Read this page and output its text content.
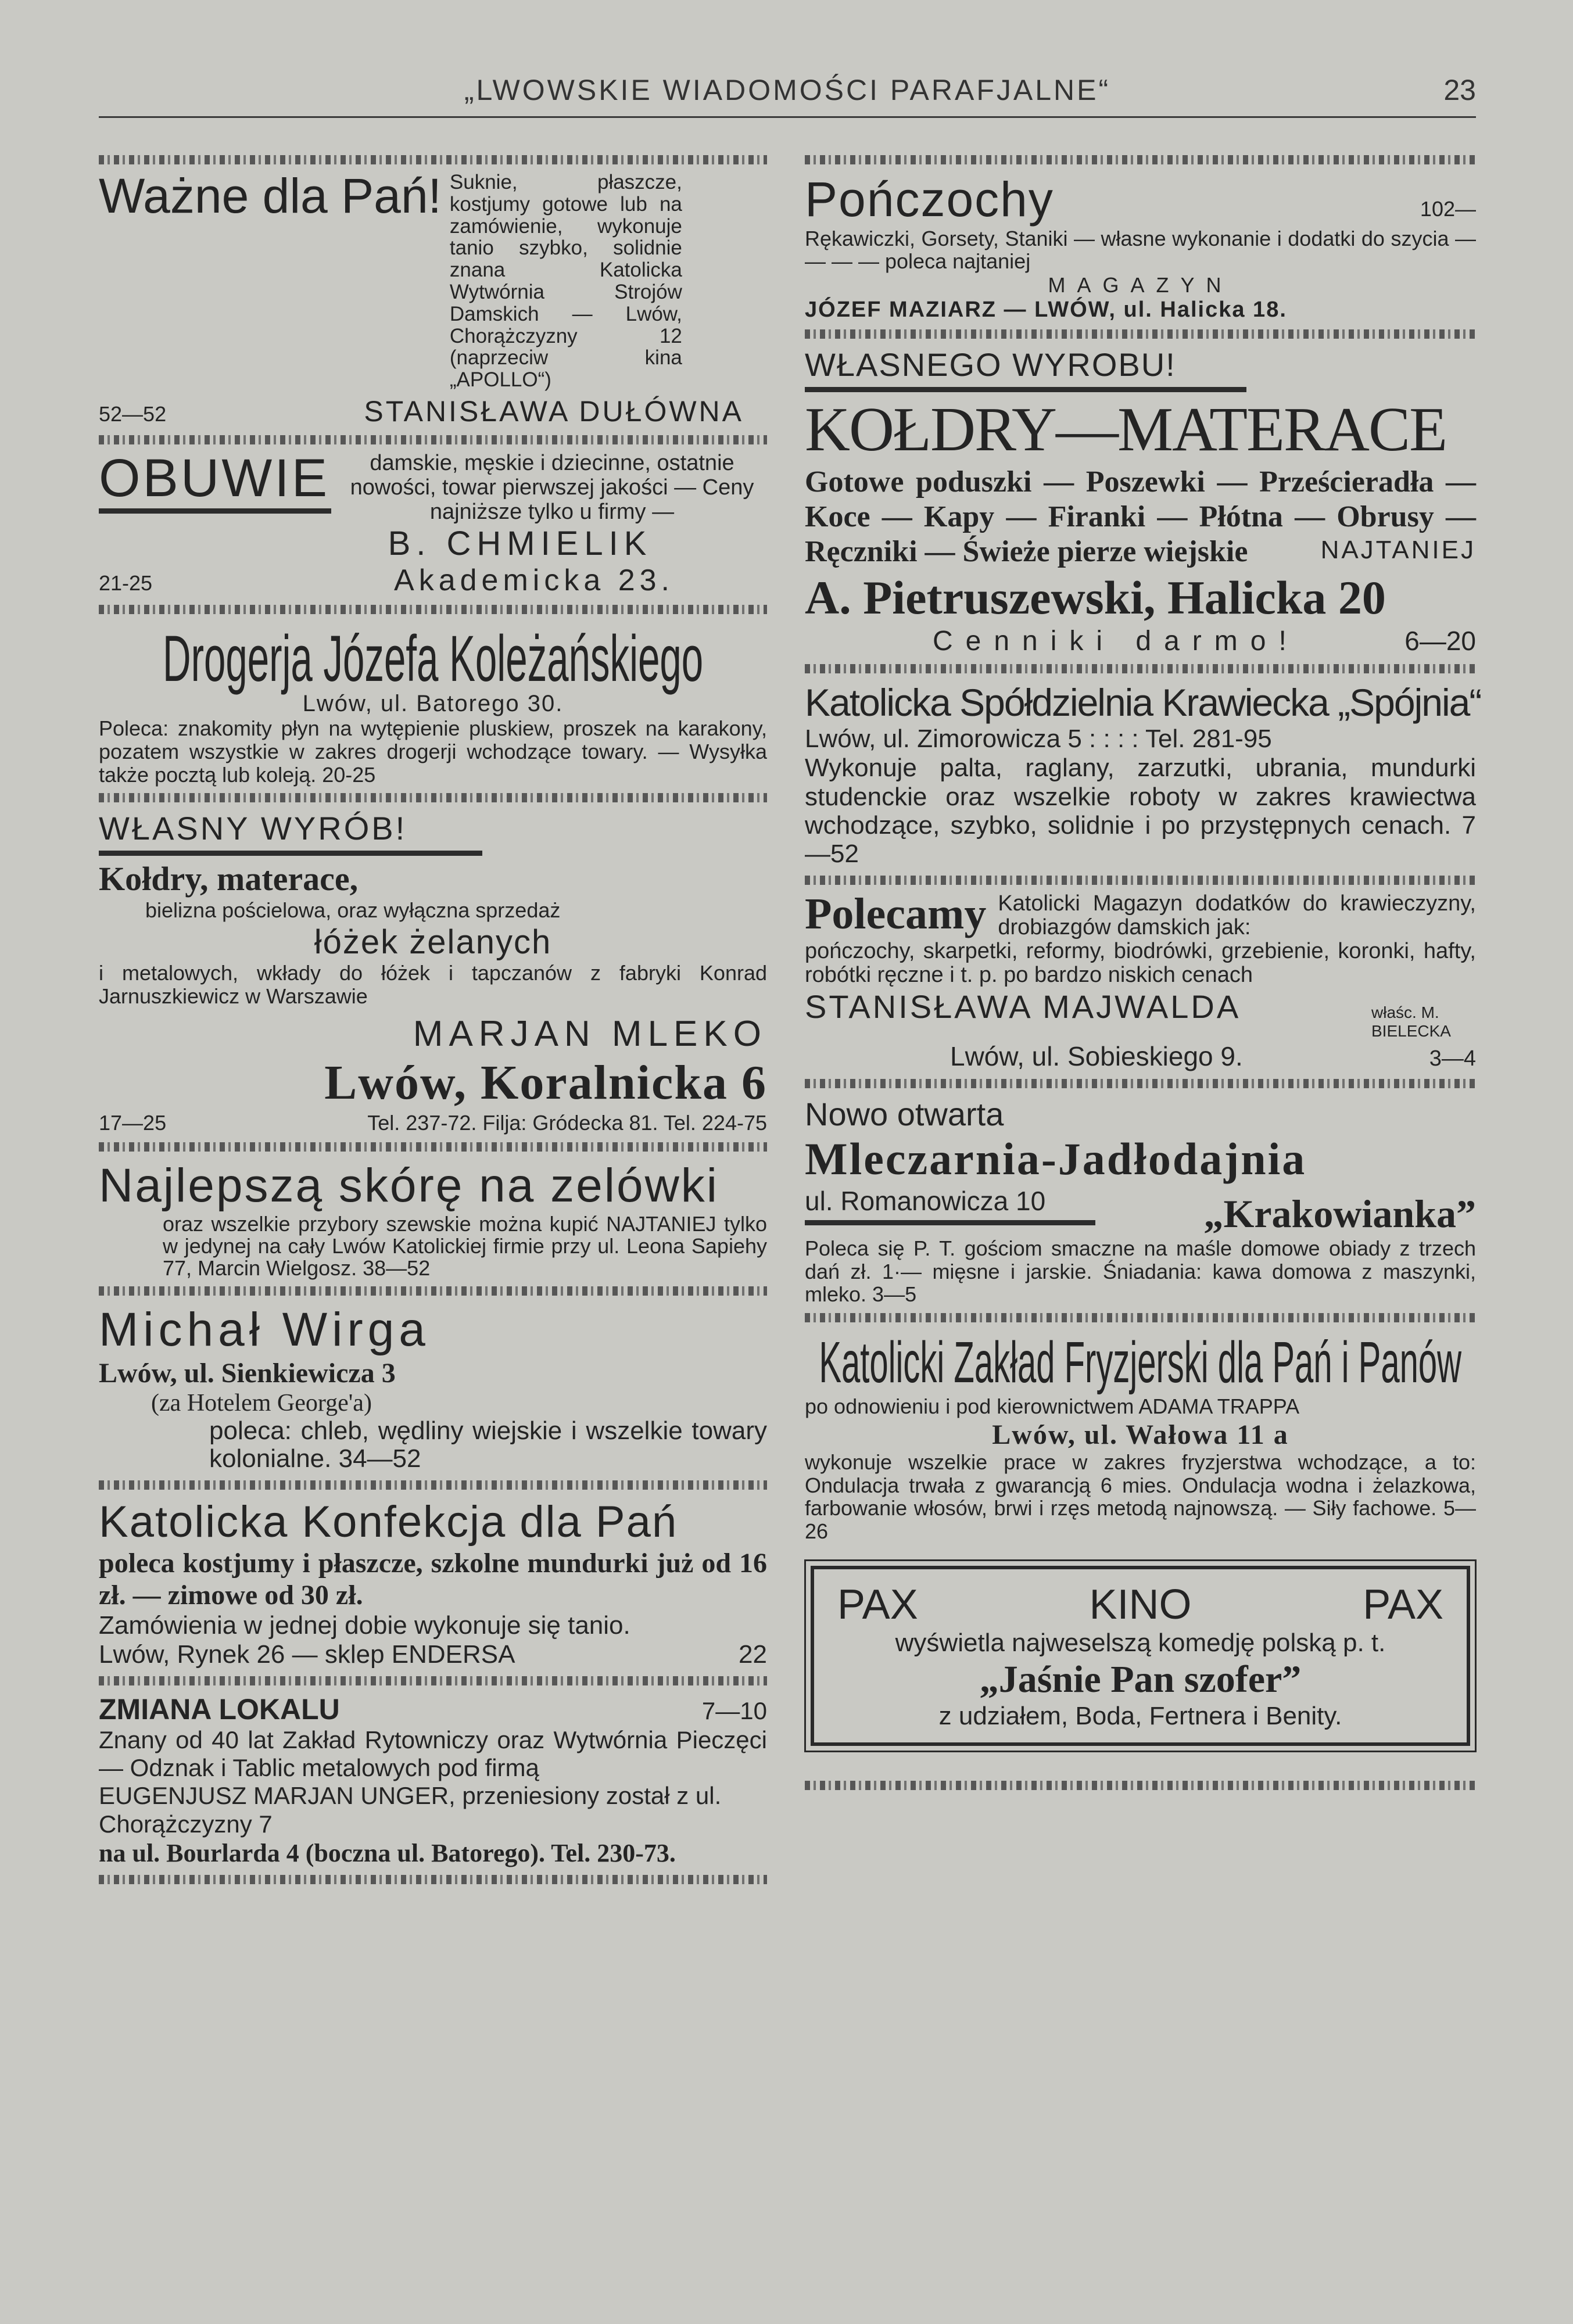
„LWOWSKIE WIADOMOŚCI PARAFJALNE“	23
Ważne dla Pań! Suknie, płaszcze, kostjumy gotowe lub na zamówienie, wykonuje tanio szybko, solidnie znana Katolicka Wytwórnia Strojów Damskich — Lwów, Chorążczyzny 12 (naprzeciw kina „APOLLO“)
52—52	STANISŁAWA DUŁÓWNA
OBUWIE	damskie, męskie i dziecinne, ostatnie nowości, towar pierwszej jakości — Ceny najniższe tylko u firmy —
B. CHMIELIK
21-25	Akademicka 23.
Drogerja Józefa Koleżańskiego
Lwów, ul. Batorego 30.
Poleca: znakomity płyn na wytępienie pluskiew, proszek na karakony, pozatem wszystkie w zakres drogerji wchodzące towary. — Wysyłka także pocztą lub koleją. 20-25
WŁASNY WYRÓB!
Kołdry, materace,
bielizna pościelowa, oraz wyłączna sprzedaż
łóżek żelanych
i metalowych, wkłady do łóżek i tapczanów z fabryki Konrad Jarnuszkiewicz w Warszawie
MARJAN MLEKO
Lwów, Koralnicka 6
17—25	Tel. 237-72. Filja: Gródecka 81. Tel. 224-75
Najlepszą skórę na zelówki
oraz wszelkie przybory szewskie można kupić NAJTANIEJ tylko w jedynej na cały Lwów Katolickiej firmie przy ul. Leona Sapiehy 77, Marcin Wielgosz. 38—52
Michał Wirga
Lwów, ul. Sienkiewicza 3
(za Hotelem George'a)
poleca: chleb, wędliny wiejskie i wszelkie towary kolonialne. 34—52
Katolicka Konfekcja dla Pań
poleca kostjumy i płaszcze, szkolne mundurki już od 16 zł. — zimowe od 30 zł.
Zamówienia w jednej dobie wykonuje się tanio.
Lwów, Rynek 26 — sklep ENDERSA	22
ZMIANA LOKALU	7—10
Znany od 40 lat Zakład Rytowniczy oraz Wytwórnia Pieczęci — Odznak i Tablic metalowych pod firmą
EUGENJUSZ MARJAN UNGER, przeniesiony został z ul. Chorążczyzny 7
na ul. Bourlarda 4 (boczna ul. Batorego). Tel. 230-73.
Pończochy	102—
Rękawiczki, Gorsety, Staniki — własne wykonanie i dodatki do szycia — — — — poleca najtaniej
MAGAZYN
JÓZEF MAZIARZ — LWÓW, ul. Halicka 18.
WŁASNEGO WYROBU!
KOŁDRY—MATERACE
Gotowe poduszki — Poszewki — Prześcieradła — Koce — Kapy — Firanki — Płótna — Obrusy — Ręczniki — Świeże pierze wiejskie	NAJTANIEJ
A. Pietruszewski, Halicka 20
Cenniki darmo!	6—20
Katolicka Spółdzielnia Krawiecka „Spójnia“
Lwów, ul. Zimorowicza 5 : : : : Tel. 281-95
Wykonuje palta, raglany, zarzutki, ubrania, mundurki studenckie oraz wszelkie roboty w zakres krawiectwa wchodzące, szybko, solidnie i po przystępnych cenach. 7—52
Polecamy Katolicki Magazyn dodatków do krawieczyzny, drobiazgów damskich jak:
pończochy, skarpetki, reformy, biodrówki, grzebienie, koronki, hafty, robótki ręczne i t. p. po bardzo niskich cenach
STANISŁAWA MAJWALDA	właśc. M. BIELECKA
Lwów, ul. Sobieskiego 9.	3—4
Nowo otwarta
Mleczarnia-Jadłodajnia
ul. Romanowicza 10	„Krakowianka”
Poleca się P. T. gościom smaczne na maśle domowe obiady z trzech dań zł. 1·— mięsne i jarskie. Śniadania: kawa domowa z maszynki, mleko. 3—5
Katolicki Zakład Fryzjerski dla Pań i Panów
po odnowieniu i pod kierownictwem ADAMA TRAPPA
Lwów, ul. Wałowa 11 a
wykonuje wszelkie prace w zakres fryzjerstwa wchodzące, a to: Ondulacja trwała z gwarancją 6 mies. Ondulacja wodna i żelazkowa, farbowanie włosów, brwi i rzęs metodą najnowszą. — Siły fachowe. 5—26
PAX	KINO	PAX
wyświetla najweselszą komedję polską p. t.
„Jaśnie Pan szofer”
z udziałem, Boda, Fertnera i Benity.
